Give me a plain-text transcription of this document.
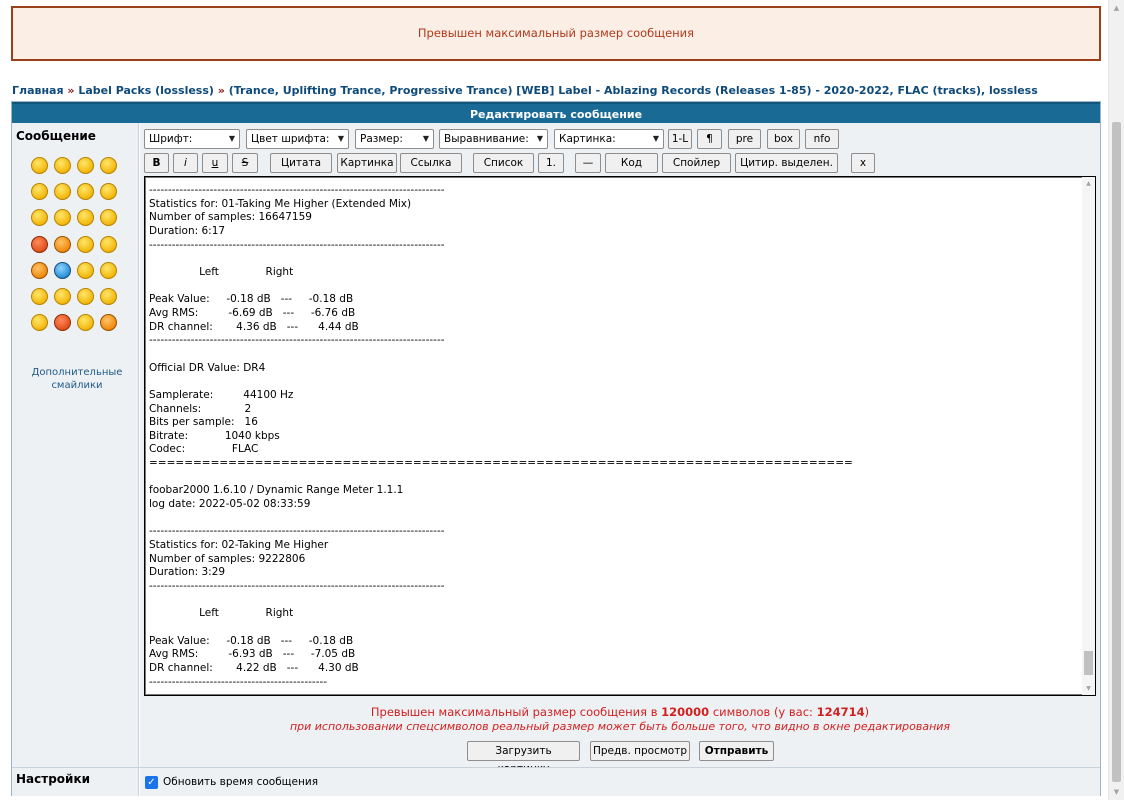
Превышен максимальный размер сообщения
Главная » Label Packs (lossless) » (Trance, Uplifting Trance, Progressive Trance) [WEB] Label - Ablazing Records (Releases 1-85) - 2020-2022, FLAC (tracks), lossless
Редактировать сообщение
Сообщение
😄	🙂	🙁	😮
😲	😕	😎	😆
😠	😛	😳	😢
😡	😈	🙄	😉
!	?	💡	➜
⬅	😣	😜	😁
😵	✊	😐	😚
Дополнительные смайлики
Шрифт:	▼	Цвет шрифта: ▼	Размер: ▼	Выравнивание: ▼	Картинка:	▼	1-L	¶	pre	box	nfo
B	i	u	S	Цитата	Картинка	Ссылка	Список	1.	—	Код	Спойлер	Цитир. выделен.	x
------------------------------------------------------------------------------
Statistics for: 01-Taking Me Higher (Extended Mix)
Number of samples: 16647159
Duration: 6:17
------------------------------------------------------------------------------

Left              Right

Peak Value:     -0.18 dB   ---     -0.18 dB
Avg RMS:         -6.69 dB   ---     -6.76 dB
DR channel:       4.36 dB   ---      4.44 dB
------------------------------------------------------------------------------

Official DR Value: DR4

Samplerate:         44100 Hz
Channels:             2
Bits per sample:   16
Bitrate:           1040 kbps
Codec:              FLAC
================================================================================

foobar2000 1.6.10 / Dynamic Range Meter 1.1.1
log date: 2022-05-02 08:33:59

------------------------------------------------------------------------------
Statistics for: 02-Taking Me Higher
Number of samples: 9222806
Duration: 3:29
------------------------------------------------------------------------------

Left              Right

Peak Value:     -0.18 dB   ---     -0.18 dB
Avg RMS:         -6.93 dB   ---     -7.05 dB
DR channel:       4.22 dB   ---      4.30 dB
-----------------------------------------------
▲
▼
Превышен максимальный размер сообщения в 120000 символов (у вас: 124714)
при использовании спецсимволов реальный размер может быть больше того, что видно в окне редактирования
Загрузить	Предв. просмотр	Отправить
Настройки	✓ Обновить время сообщения
▲
▼
